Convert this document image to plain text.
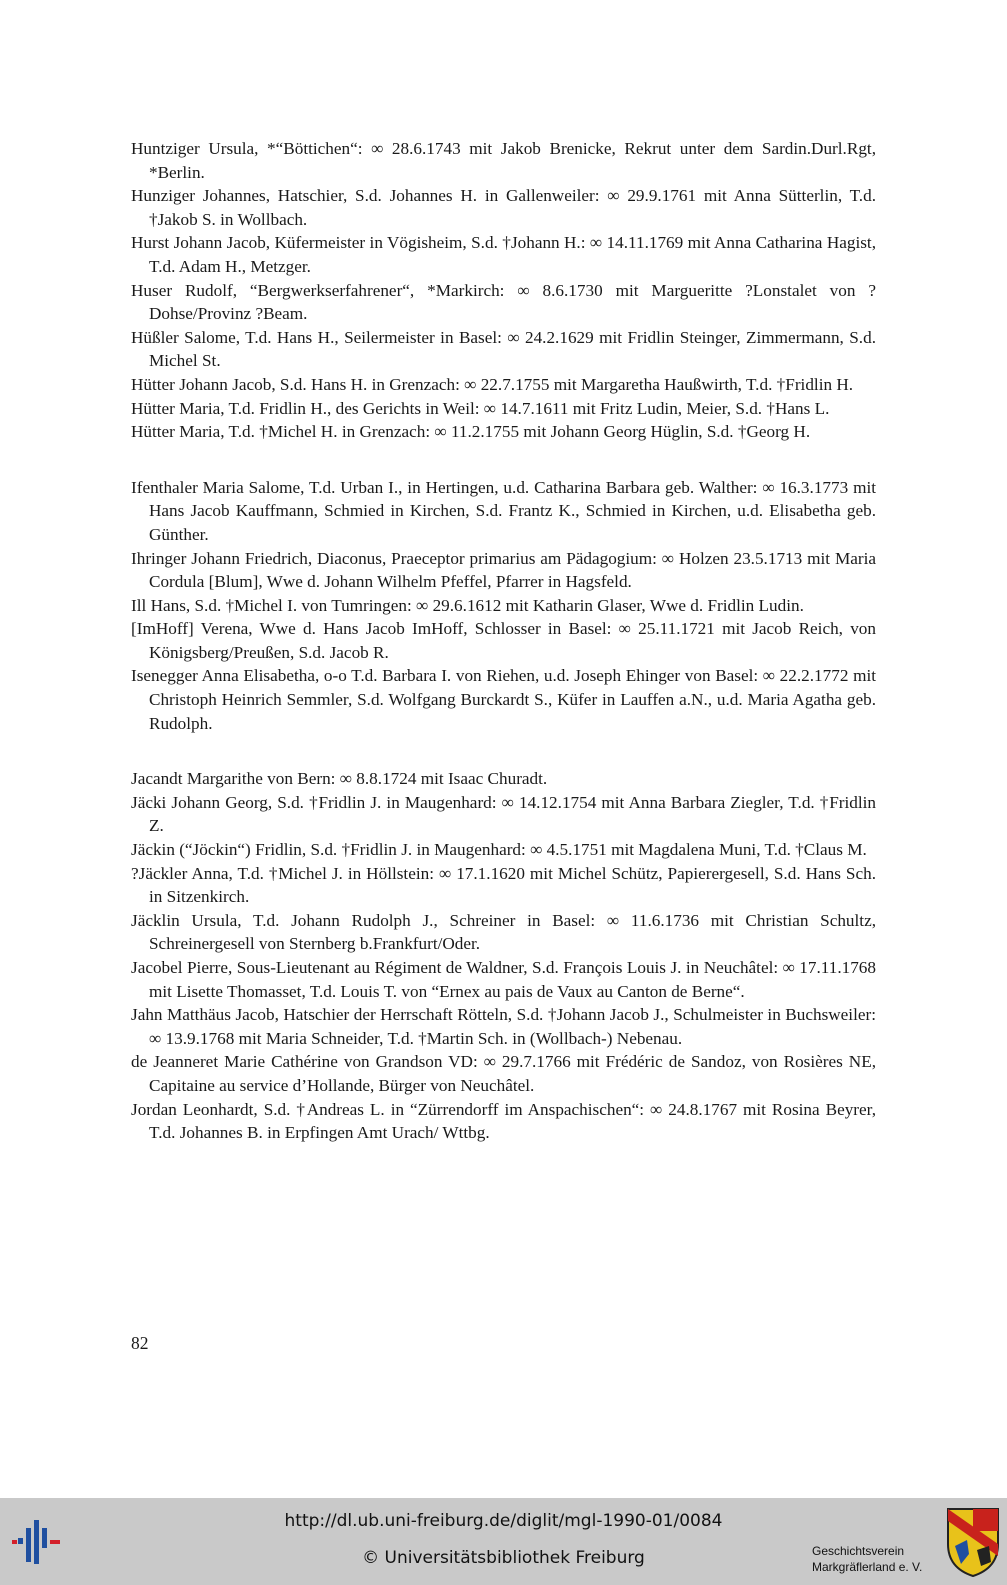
Huntziger Ursula, *“Böttichen“: ∞ 28.6.1743 mit Jakob Brenicke, Rekrut unter dem Sardin.Durl.Rgt, *Berlin.

Hunziger Johannes, Hatschier, S.d. Johannes H. in Gallenweiler: ∞ 29.9.1761 mit Anna Sütterlin, T.d. †Jakob S. in Wollbach.

Hurst Johann Jacob, Küfermeister in Vögisheim, S.d. †Johann H.: ∞ 14.11.1769 mit Anna Catharina Hagist, T.d. Adam H., Metzger.

Huser Rudolf, “Bergwerkserfahrener“, *Markirch: ∞ 8.6.1730 mit Margueritte ?Lonstalet von ?Dohse/Provinz ?Beam.

Hüßler Salome, T.d. Hans H., Seilermeister in Basel: ∞ 24.2.1629 mit Fridlin Steinger, Zimmermann, S.d. Michel St.

Hütter Johann Jacob, S.d. Hans H. in Grenzach: ∞ 22.7.1755 mit Margaretha Haußwirth, T.d. †Fridlin H.

Hütter Maria, T.d. Fridlin H., des Gerichts in Weil: ∞ 14.7.1611 mit Fritz Ludin, Meier, S.d. †Hans L.

Hütter Maria, T.d. †Michel H. in Grenzach: ∞ 11.2.1755 mit Johann Georg Hüglin, S.d. †Georg H.

Ifenthaler Maria Salome, T.d. Urban I., in Hertingen, u.d. Catharina Barbara geb. Walther: ∞ 16.3.1773 mit Hans Jacob Kauffmann, Schmied in Kirchen, S.d. Frantz K., Schmied in Kirchen, u.d. Elisabetha geb. Günther.

Ihringer Johann Friedrich, Diaconus, Praeceptor primarius am Pädagogium: ∞ Holzen 23.5.1713 mit Maria Cordula [Blum], Wwe d. Johann Wilhelm Pfeffel, Pfarrer in Hagsfeld.

Ill Hans, S.d. †Michel I. von Tumringen: ∞ 29.6.1612 mit Katharin Glaser, Wwe d. Fridlin Ludin.

[ImHoff] Verena, Wwe d. Hans Jacob ImHoff, Schlosser in Basel: ∞ 25.11.1721 mit Jacob Reich, von Königsberg/Preußen, S.d. Jacob R.

Isenegger Anna Elisabetha, o-o T.d. Barbara I. von Riehen, u.d. Joseph Ehinger von Basel: ∞ 22.2.1772 mit Christoph Heinrich Semmler, S.d. Wolfgang Burckardt S., Küfer in Lauffen a.N., u.d. Maria Agatha geb. Rudolph.

Jacandt Margarithe von Bern: ∞ 8.8.1724 mit Isaac Churadt.

Jäcki Johann Georg, S.d. †Fridlin J. in Maugenhard: ∞ 14.12.1754 mit Anna Barbara Ziegler, T.d. †Fridlin Z.

Jäckin (“Jöckin“) Fridlin, S.d. †Fridlin J. in Maugenhard: ∞ 4.5.1751 mit Magdalena Muni, T.d. †Claus M.

?Jäckler Anna, T.d. †Michel J. in Höllstein: ∞ 17.1.1620 mit Michel Schütz, Papierergesell, S.d. Hans Sch. in Sitzenkirch.

Jäcklin Ursula, T.d. Johann Rudolph J., Schreiner in Basel: ∞ 11.6.1736 mit Christian Schultz, Schreinergesell von Sternberg b.Frankfurt/Oder.

Jacobel Pierre, Sous-Lieutenant au Régiment de Waldner, S.d. François Louis J. in Neuchâtel: ∞ 17.11.1768 mit Lisette Thomasset, T.d. Louis T. von “Ernex au pais de Vaux au Canton de Berne“.

Jahn Matthäus Jacob, Hatschier der Herrschaft Rötteln, S.d. †Johann Jacob J., Schulmeister in Buchsweiler: ∞ 13.9.1768 mit Maria Schneider, T.d. †Martin Sch. in (Wollbach-) Nebenau.

de Jeanneret Marie Cathérine von Grandson VD: ∞ 29.7.1766 mit Frédéric de Sandoz, von Rosières NE, Capitaine au service d’Hollande, Bürger von Neuchâtel.

Jordan Leonhardt, S.d. †Andreas L. in “Zürrendorff im Anspachischen“: ∞ 24.8.1767 mit Rosina Beyrer, T.d. Johannes B. in Erpfingen Amt Urach/ Wttbg.

82
http://dl.ub.uni-freiburg.de/diglit/mgl-1990-01/0084
© Universitätsbibliothek Freiburg	Geschichtsverein
Markgräflerland e. V.
